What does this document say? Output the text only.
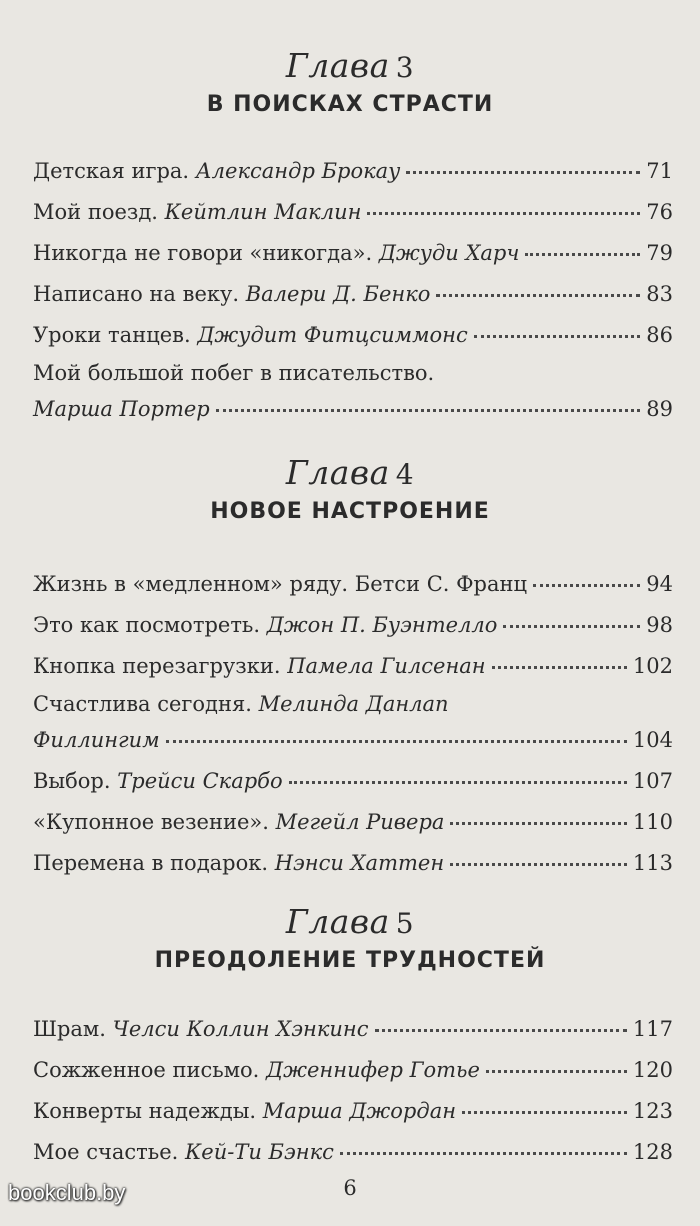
Глава 3
В ПОИСКАХ СТРАСТИ
Детская игра. Александр Брокау	71
Мой поезд. Кейтлин Маклин	76
Никогда не говори «никогда». Джуди Харч	79
Написано на веку. Валери Д. Бенко	83
Уроки танцев. Джудит Фитцсиммонс	86
Мой большой побег в писательство.
Марша Портер	89
Глава 4
НОВОЕ НАСТРОЕНИЕ
Жизнь в «медленном» ряду. Бетси С. Франц	94
Это как посмотреть. Джон П. Буэнтелло	98
Кнопка перезагрузки. Памела Гилсенан	102
Счастлива сегодня. Мелинда Данлап
Филлингим	104
Выбор. Трейси Скарбо	107
«Купонное везение». Мегейл Ривера	110
Перемена в подарок. Нэнси Хаттен	113
Глава 5
ПРЕОДОЛЕНИЕ ТРУДНОСТЕЙ
Шрам. Челси Коллин Хэнкинс	117
Сожженное письмо. Дженнифер Готье	120
Конверты надежды. Марша Джордан	123
Мое счастье. Кей-Ти Бэнкс	128
6
bookclub.by
